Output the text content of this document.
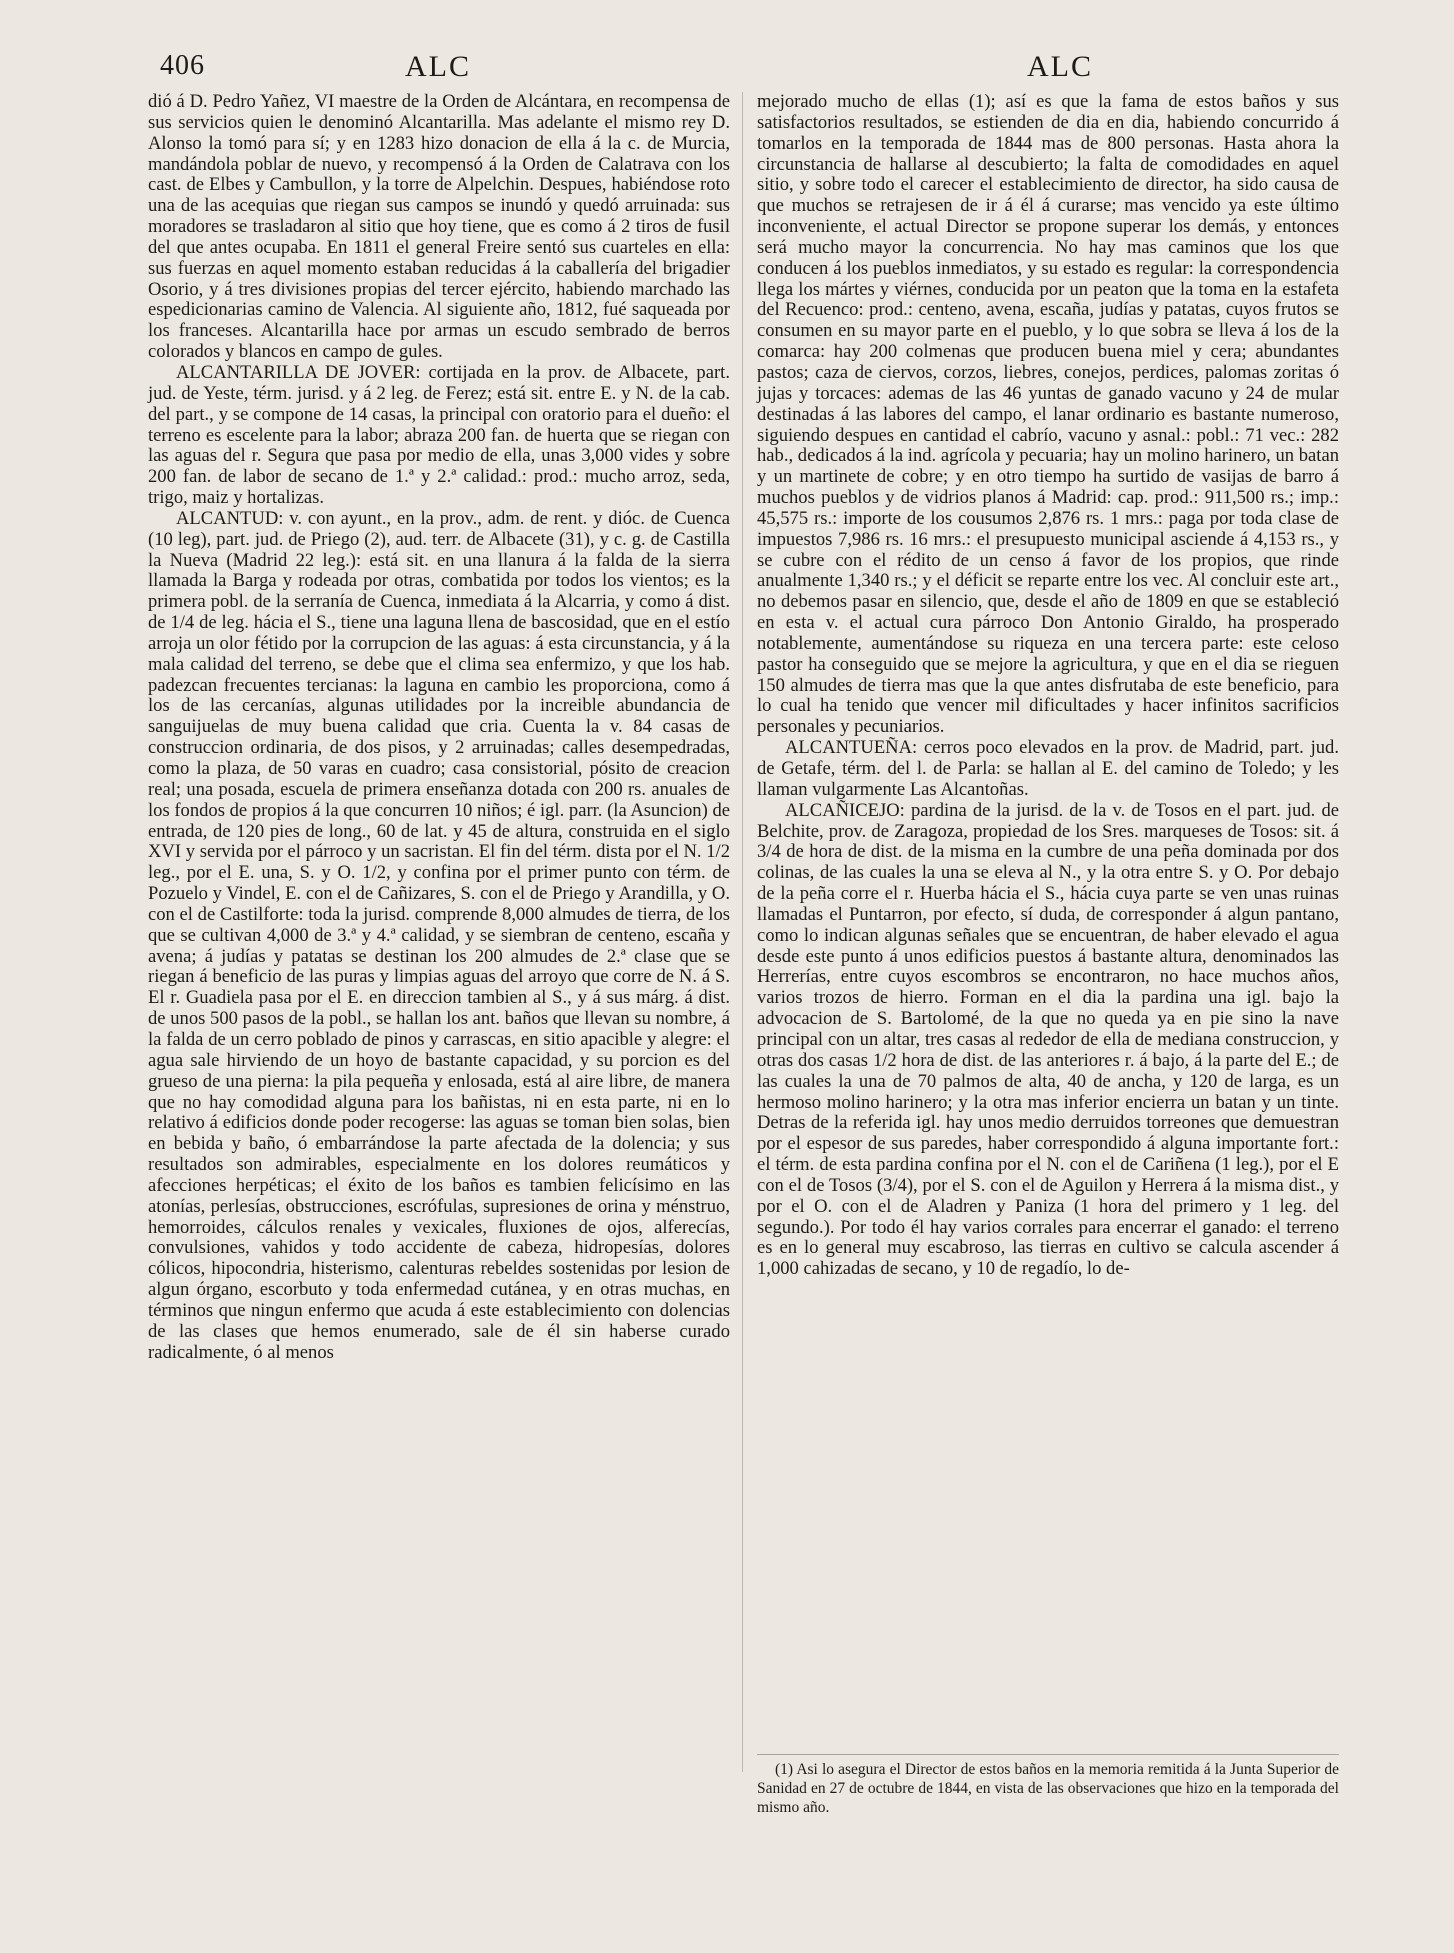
406	ALC	ALC

dió á D. Pedro Yañez, VI maestre de la Orden de Alcántara, en recompensa de sus servicios quien le denominó Alcantarilla. Mas adelante el mismo rey D. Alonso la tomó para sí; y en 1283 hizo donacion de ella á la c. de Murcia, mandándola poblar de nuevo, y recompensó á la Orden de Calatrava con los cast. de Elbes y Cambullon, y la torre de Alpelchin. Despues, habiéndose roto una de las acequias que riegan sus campos se inundó y quedó arruinada: sus moradores se trasladaron al sitio que hoy tiene, que es como á 2 tiros de fusil del que antes ocupaba. En 1811 el general Freire sentó sus cuarteles en ella: sus fuerzas en aquel momento estaban reducidas á la caballería del brigadier Osorio, y á tres divisiones propias del tercer ejército, habiendo marchado las espedicionarias camino de Valencia. Al siguiente año, 1812, fué saqueada por los franceses. Alcantarilla hace por armas un escudo sembrado de berros colorados y blancos en campo de gules.

ALCANTARILLA DE JOVER: cortijada en la prov. de Albacete, part. jud. de Yeste, térm. jurisd. y á 2 leg. de Ferez; está sit. entre E. y N. de la cab. del part., y se compone de 14 casas, la principal con oratorio para el dueño: el terreno es escelente para la labor; abraza 200 fan. de huerta que se riegan con las aguas del r. Segura que pasa por medio de ella, unas 3,000 vides y sobre 200 fan. de labor de secano de 1.ª y 2.ª calidad.: prod.: mucho arroz, seda, trigo, maiz y hortalizas.

ALCANTUD: v. con ayunt., en la prov., adm. de rent. y dióc. de Cuenca (10 leg), part. jud. de Priego (2), aud. terr. de Albacete (31), y c. g. de Castilla la Nueva (Madrid 22 leg.): está sit. en una llanura á la falda de la sierra llamada la Barga y rodeada por otras, combatida por todos los vientos; es la primera pobl. de la serranía de Cuenca, inmediata á la Alcarria, y como á dist. de 1/4 de leg. hácia el S., tiene una laguna llena de bascosidad, que en el estío arroja un olor fétido por la corrupcion de las aguas: á esta circunstancia, y á la mala calidad del terreno, se debe que el clima sea enfermizo, y que los hab. padezcan frecuentes tercianas: la laguna en cambio les proporciona, como á los de las cercanías, algunas utilidades por la increible abundancia de sanguijuelas de muy buena calidad que cria. Cuenta la v. 84 casas de construccion ordinaria, de dos pisos, y 2 arruinadas; calles desempedradas, como la plaza, de 50 varas en cuadro; casa consistorial, pósito de creacion real; una posada, escuela de primera enseñanza dotada con 200 rs. anuales de los fondos de propios á la que concurren 10 niños; é igl. parr. (la Asuncion) de entrada, de 120 pies de long., 60 de lat. y 45 de altura, construida en el siglo XVI y servida por el párroco y un sacristan. El fin del térm. dista por el N. 1/2 leg., por el E. una, S. y O. 1/2, y confina por el primer punto con térm. de Pozuelo y Vindel, E. con el de Cañizares, S. con el de Priego y Arandilla, y O. con el de Castilforte: toda la jurisd. comprende 8,000 almudes de tierra, de los que se cultivan 4,000 de 3.ª y 4.ª calidad, y se siembran de centeno, escaña y avena; á judías y patatas se destinan los 200 almudes de 2.ª clase que se riegan á beneficio de las puras y limpias aguas del arroyo que corre de N. á S. El r. Guadiela pasa por el E. en direccion tambien al S., y á sus márg. á dist. de unos 500 pasos de la pobl., se hallan los ant. baños que llevan su nombre, á la falda de un cerro poblado de pinos y carrascas, en sitio apacible y alegre: el agua sale hirviendo de un hoyo de bastante capacidad, y su porcion es del grueso de una pierna: la pila pequeña y enlosada, está al aire libre, de manera que no hay comodidad alguna para los bañistas, ni en esta parte, ni en lo relativo á edificios donde poder recogerse: las aguas se toman bien solas, bien en bebida y baño, ó embarrándose la parte afectada de la dolencia; y sus resultados son admirables, especialmente en los dolores reumáticos y afecciones herpéticas; el éxito de los baños es tambien felicísimo en las atonías, perlesías, obstrucciones, escrófulas, supresiones de orina y ménstruo, hemorroides, cálculos renales y vexicales, fluxiones de ojos, alferecías, convulsiones, vahidos y todo accidente de cabeza, hidropesías, dolores cólicos, hipocondria, histerismo, calenturas rebeldes sostenidas por lesion de algun órgano, escorbuto y toda enfermedad cutánea, y en otras muchas, en términos que ningun enfermo que acuda á este establecimiento con dolencias de las clases que hemos enumerado, sale de él sin haberse curado radicalmente, ó al menos

mejorado mucho de ellas (1); así es que la fama de estos baños y sus satisfactorios resultados, se estienden de dia en dia, habiendo concurrido á tomarlos en la temporada de 1844 mas de 800 personas. Hasta ahora la circunstancia de hallarse al descubierto; la falta de comodidades en aquel sitio, y sobre todo el carecer el establecimiento de director, ha sido causa de que muchos se retrajesen de ir á él á curarse; mas vencido ya este último inconveniente, el actual Director se propone superar los demás, y entonces será mucho mayor la concurrencia. No hay mas caminos que los que conducen á los pueblos inmediatos, y su estado es regular: la correspondencia llega los mártes y viérnes, conducida por un peaton que la toma en la estafeta del Recuenco: prod.: centeno, avena, escaña, judías y patatas, cuyos frutos se consumen en su mayor parte en el pueblo, y lo que sobra se lleva á los de la comarca: hay 200 colmenas que producen buena miel y cera; abundantes pastos; caza de ciervos, corzos, liebres, conejos, perdices, palomas zoritas ó jujas y torcaces: ademas de las 46 yuntas de ganado vacuno y 24 de mular destinadas á las labores del campo, el lanar ordinario es bastante numeroso, siguiendo despues en cantidad el cabrío, vacuno y asnal.: pobl.: 71 vec.: 282 hab., dedicados á la ind. agrícola y pecuaria; hay un molino harinero, un batan y un martinete de cobre; y en otro tiempo ha surtido de vasijas de barro á muchos pueblos y de vidrios planos á Madrid: cap. prod.: 911,500 rs.; imp.: 45,575 rs.: importe de los cousumos 2,876 rs. 1 mrs.: paga por toda clase de impuestos 7,986 rs. 16 mrs.: el presupuesto municipal asciende á 4,153 rs., y se cubre con el rédito de un censo á favor de los propios, que rinde anualmente 1,340 rs.; y el déficit se reparte entre los vec. Al concluir este art., no debemos pasar en silencio, que, desde el año de 1809 en que se estableció en esta v. el actual cura párroco Don Antonio Giraldo, ha prosperado notablemente, aumentándose su riqueza en una tercera parte: este celoso pastor ha conseguido que se mejore la agricultura, y que en el dia se rieguen 150 almudes de tierra mas que la que antes disfrutaba de este beneficio, para lo cual ha tenido que vencer mil dificultades y hacer infinitos sacrificios personales y pecuniarios.

ALCANTUEÑA: cerros poco elevados en la prov. de Madrid, part. jud. de Getafe, térm. del l. de Parla: se hallan al E. del camino de Toledo; y les llaman vulgarmente Las Alcantoñas.

ALCAÑICEJO: pardina de la jurisd. de la v. de Tosos en el part. jud. de Belchite, prov. de Zaragoza, propiedad de los Sres. marqueses de Tosos: sit. á 3/4 de hora de dist. de la misma en la cumbre de una peña dominada por dos colinas, de las cuales la una se eleva al N., y la otra entre S. y O. Por debajo de la peña corre el r. Huerba hácia el S., hácia cuya parte se ven unas ruinas llamadas el Puntarron, por efecto, sí duda, de corresponder á algun pantano, como lo indican algunas señales que se encuentran, de haber elevado el agua desde este punto á unos edificios puestos á bastante altura, denominados las Herrerías, entre cuyos escombros se encontraron, no hace muchos años, varios trozos de hierro. Forman en el dia la pardina una igl. bajo la advocacion de S. Bartolomé, de la que no queda ya en pie sino la nave principal con un altar, tres casas al rededor de ella de mediana construccion, y otras dos casas 1/2 hora de dist. de las anteriores r. á bajo, á la parte del E.; de las cuales la una de 70 palmos de alta, 40 de ancha, y 120 de larga, es un hermoso molino harinero; y la otra mas inferior encierra un batan y un tinte. Detras de la referida igl. hay unos medio derruidos torreones que demuestran por el espesor de sus paredes, haber correspondido á alguna importante fort.: el térm. de esta pardina confina por el N. con el de Cariñena (1 leg.), por el E con el de Tosos (3/4), por el S. con el de Aguilon y Herrera á la misma dist., y por el O. con el de Aladren y Paniza (1 hora del primero y 1 leg. del segundo.). Por todo él hay varios corrales para encerrar el ganado: el terreno es en lo general muy escabroso, las tierras en cultivo se calcula ascender á 1,000 cahizadas de secano, y 10 de regadío, lo de-

(1) Asi lo asegura el Director de estos baños en la memoria remitida á la Junta Superior de Sanidad en 27 de octubre de 1844, en vista de las observaciones que hizo en la temporada del mismo año.
